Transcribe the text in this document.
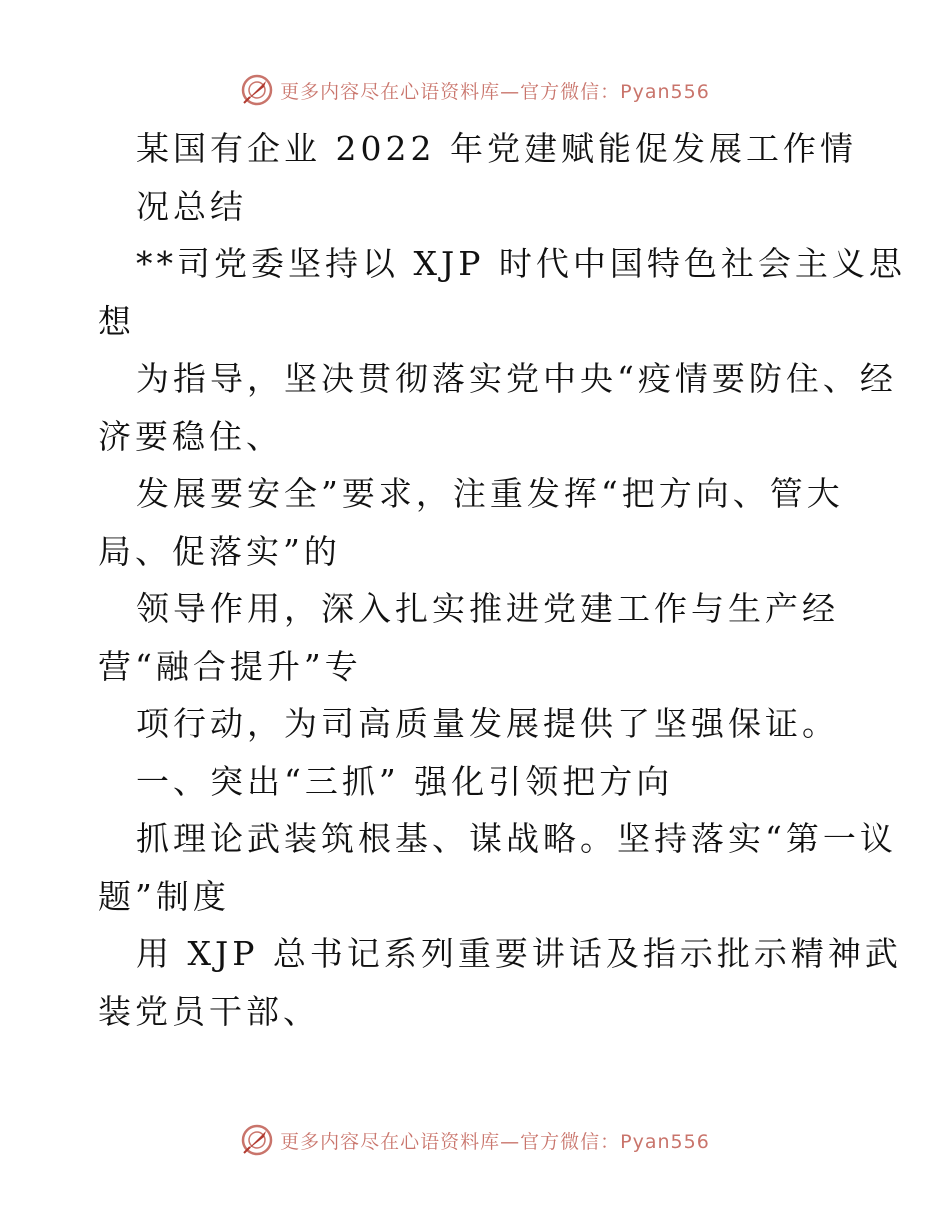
更多内容尽在心语资料库—官方微信：Pyan556

某国有企业 2022 年党建赋能促发展工作情

况总结

**司党委坚持以 XJP 时代中国特色社会主义思

想

为指导，坚决贯彻落实党中央“疫情要防住、经

济要稳住、

发展要安全”要求，注重发挥“把方向、管大

局、促落实”的

领导作用，深入扎实推进党建工作与生产经

营“融合提升”专

项行动，为司高质量发展提供了坚强保证。

一、突出“三抓” 强化引领把方向

抓理论武装筑根基、谋战略。坚持落实“第一议

题”制度

用 XJP 总书记系列重要讲话及指示批示精神武

装党员干部、

更多内容尽在心语资料库—官方微信：Pyan556
